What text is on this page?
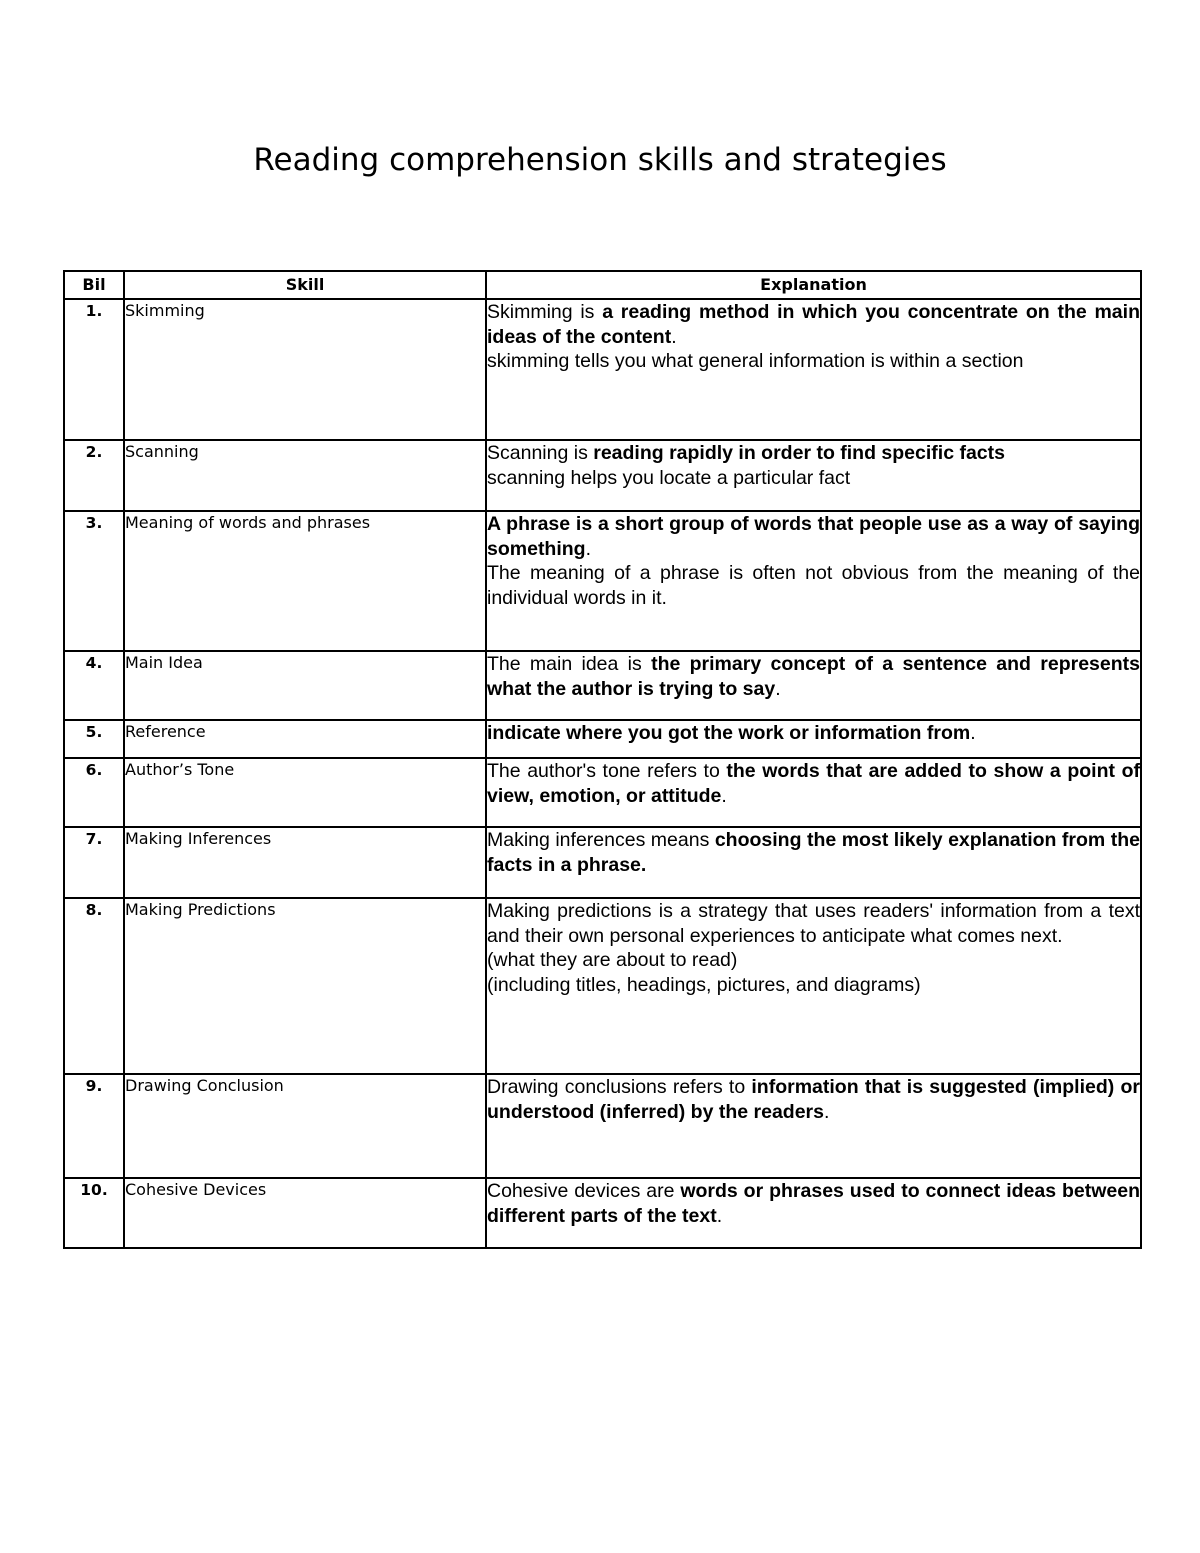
Reading comprehension skills and strategies
Bil	Skill	Explanation
1.	Skimming	Skimming is a reading method in which you concentrate on the main ideas of the content.
skimming tells you what general information is within a section
2.	Scanning	Scanning is reading rapidly in order to find specific facts
scanning helps you locate a particular fact
3.	Meaning of words and phrases	A phrase is a short group of words that people use as a way of saying something.
The meaning of a phrase is often not obvious from the meaning of the individual words in it.
4.	Main Idea	The main idea is the primary concept of a sentence and represents what the author is trying to say.
5.	Reference	indicate where you got the work or information from.
6.	Author’s Tone	The author's tone refers to the words that are added to show a point of view, emotion, or attitude.
7.	Making Inferences	Making inferences means choosing the most likely explanation from the facts in a phrase.
8.	Making Predictions	Making predictions is a strategy that uses readers' information from a text and their own personal experiences to anticipate what comes next.
(what they are about to read)
(including titles, headings, pictures, and diagrams)
9.	Drawing Conclusion	Drawing conclusions refers to information that is suggested (implied) or understood (inferred) by the readers.
10.	Cohesive Devices	Cohesive devices are words or phrases used to connect ideas between different parts of the text.
